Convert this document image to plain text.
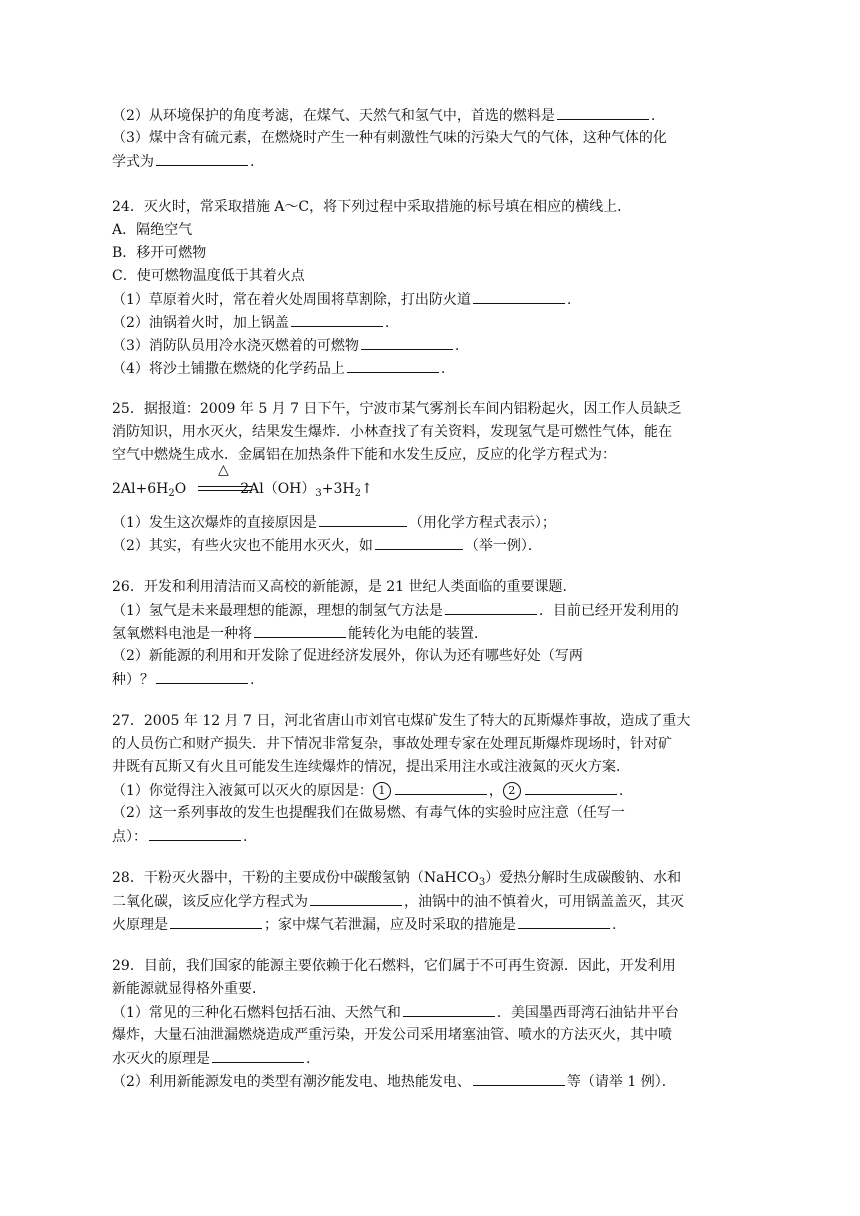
（2）从环境保护的角度考滤，在煤气、天然气和氢气中，首选的燃料是	.
（3）煤中含有硫元素，在燃烧时产生一种有刺激性气味的污染大气的气体，这种气体的化
学式为	.
24．灭火时，常采取措施 A～C，将下列过程中采取措施的标号填在相应的横线上．
A．隔绝空气
B．移开可燃物
C．使可燃物温度低于其着火点
（1）草原着火时，常在着火处周围将草割除，打出防火道	.
（2）油锅着火时，加上锅盖	.
（3）消防队员用冷水浇灭燃着的可燃物	.
（4）将沙土铺撒在燃烧的化学药品上	.
25．据报道：2009 年 5 月 7 日下午，宁波市某气雾剂长车间内铝粉起火，因工作人员缺乏
消防知识，用水灭火，结果发生爆炸．小林查找了有关资料，发现氢气是可燃性气体，能在
空气中燃烧生成水．金属铝在加热条件下能和水发生反应，反应的化学方程式为：
△
$2Al+6H_2O$	$2Al(OH)_3+3H_2↑$
（1）发生这次爆炸的直接原因是	（用化学方程式表示）；
（2）其实，有些火灾也不能用水灭火，如	（举一例）．
26．开发和利用清洁而又高校的新能源，是 21 世纪人类面临的重要课题．
（1）氢气是未来最理想的能源，理想的制氢气方法是	．目前已经开发利用的
氢氧燃料电池是一种将	能转化为电能的装置．
（2）新能源的利用和开发除了促进经济发展外，你认为还有哪些好处（写两
种）？	.
27．2005 年 12 月 7 日，河北省唐山市刘官屯煤矿发生了特大的瓦斯爆炸事故，造成了重大
的人员伤亡和财产损失．井下情况非常复杂，事故处理专家在处理瓦斯爆炸现场时，针对矿
井既有瓦斯又有火且可能发生连续爆炸的情况，提出采用注水或注液氮的灭火方案．
（1）你觉得注入液氮可以灭火的原因是： 1	， 2	.
（2）这一系列事故的发生也提醒我们在做易燃、有毒气体的实验时应注意（任写一
点）：	.
28．干粉灭火器中，干粉的主要成份中碳酸氢钠（NaHCO$_3$）爱热分解时生成碳酸钠、水和
二氧化碳，该反应化学方程式为	，油锅中的油不慎着火，可用锅盖盖灭，其灭
火原理是	；家中煤气若泄漏，应及时采取的措施是	.
29．目前，我们国家的能源主要依赖于化石燃料，它们属于不可再生资源．因此，开发利用
新能源就显得格外重要．
（1）常见的三种化石燃料包括石油、天然气和	．美国墨西哥湾石油钻井平台
爆炸，大量石油泄漏燃烧造成严重污染，开发公司采用堵塞油管、喷水的方法灭火，其中喷
水灭火的原理是	.
（2）利用新能源发电的类型有潮汐能发电、地热能发电、	等（请举 1 例）．
